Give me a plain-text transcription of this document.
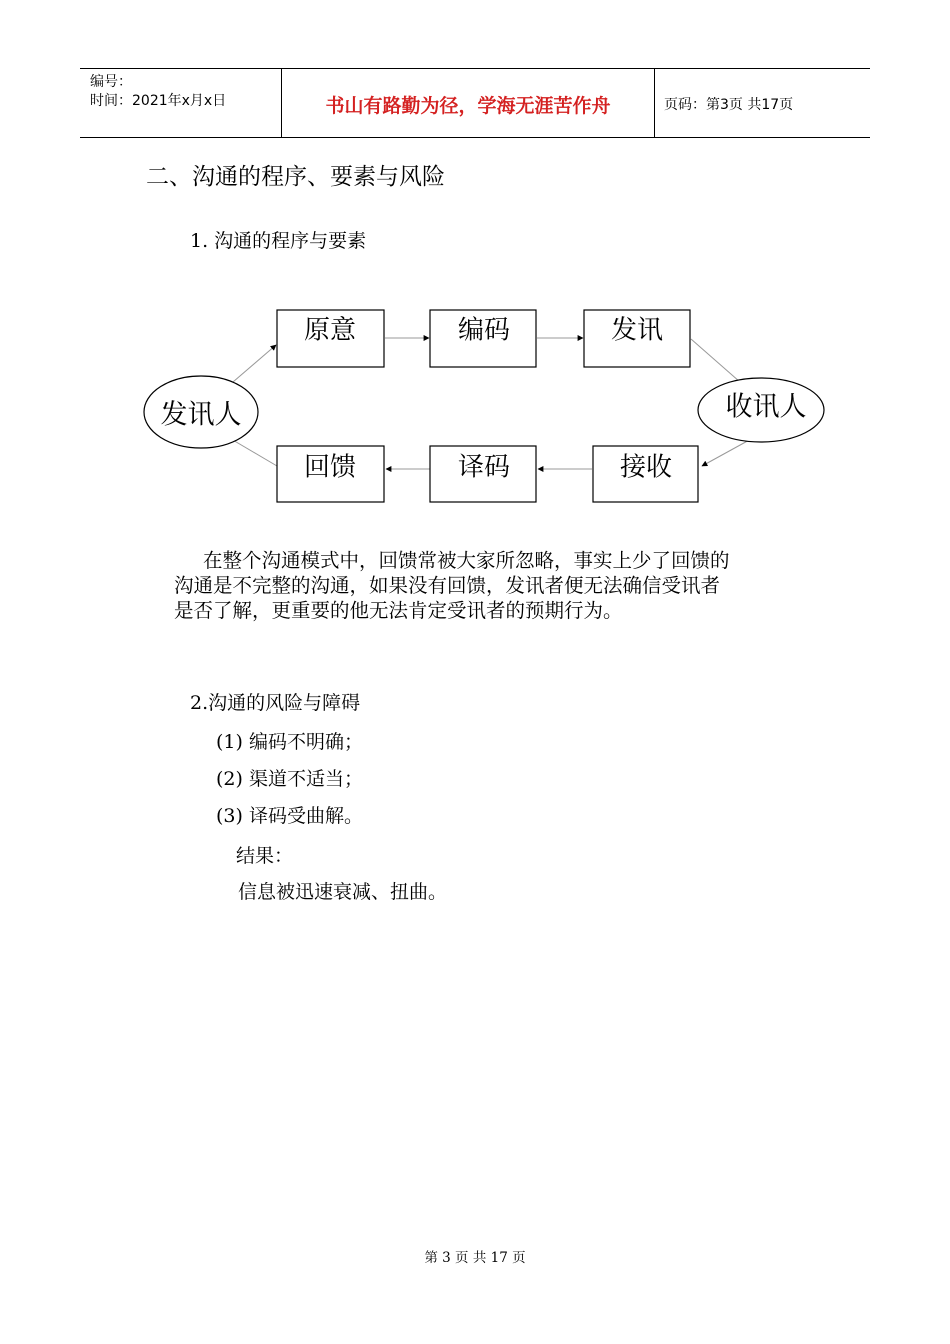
编号：
时间：2021年x月x日	书山有路勤为径，学海无涯苦作舟	页码：第3页 共17页
二、沟通的程序、要素与风险
1. 沟通的程序与要素
发讯人	收讯人
原意	编码	发讯
回馈	译码	接收

在整个沟通模式中，回馈常被大家所忽略，事实上少了回馈的

沟通是不完整的沟通，如果没有回馈，发讯者便无法确信受讯者

是否了解，更重要的他无法肯定受讯者的预期行为。

2.沟通的风险与障碍
(1) 编码不明确；
(2) 渠道不适当；
(3) 译码受曲解。
结果：
信息被迅速衰减、扭曲。
第 3 页 共 17 页
